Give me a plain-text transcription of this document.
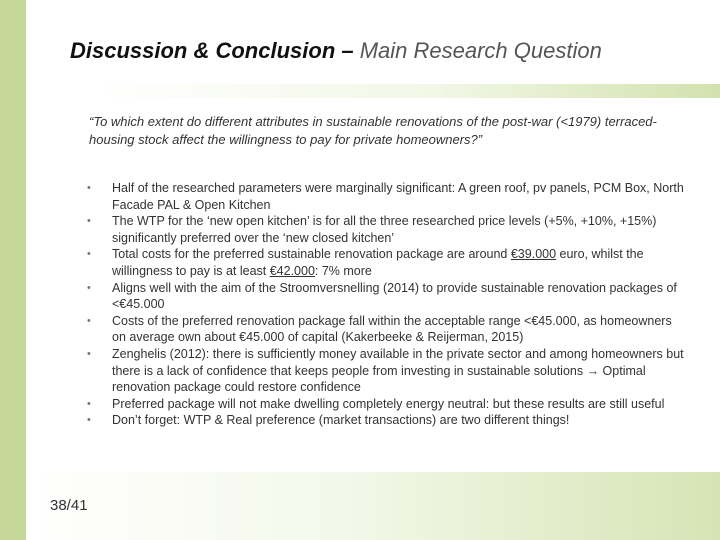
Discussion & Conclusion – Main Research Question
“To which extent do different attributes in sustainable renovations of the post-war (<1979) terraced-housing stock affect the willingness to pay for private homeowners?”
• Half of the researched parameters were marginally significant: A green roof, pv panels, PCM Box, North Facade PAL & Open Kitchen
• The WTP for the ‘new open kitchen’ is for all the three researched price levels (+5%, +10%, +15%) significantly preferred over the ‘new closed kitchen’
• Total costs for the preferred sustainable renovation package are around €39.000 euro, whilst the willingness to pay is at least €42.000: 7% more
• Aligns well with the aim of the Stroomversnelling (2014) to provide sustainable renovation packages of <€45.000
• Costs of the preferred renovation package fall within the acceptable range <€45.000, as homeowners on average own about €45.000 of capital (Kakerbeeke & Reijerman, 2015)
• Zenghelis (2012): there is sufficiently money available in the private sector and among homeowners but there is a lack of confidence that keeps people from investing in sustainable solutions → Optimal renovation package could restore confidence
• Preferred package will not make dwelling completely energy neutral: but these results are still useful
• Don’t forget: WTP & Real preference (market transactions) are two different things!
38/41
